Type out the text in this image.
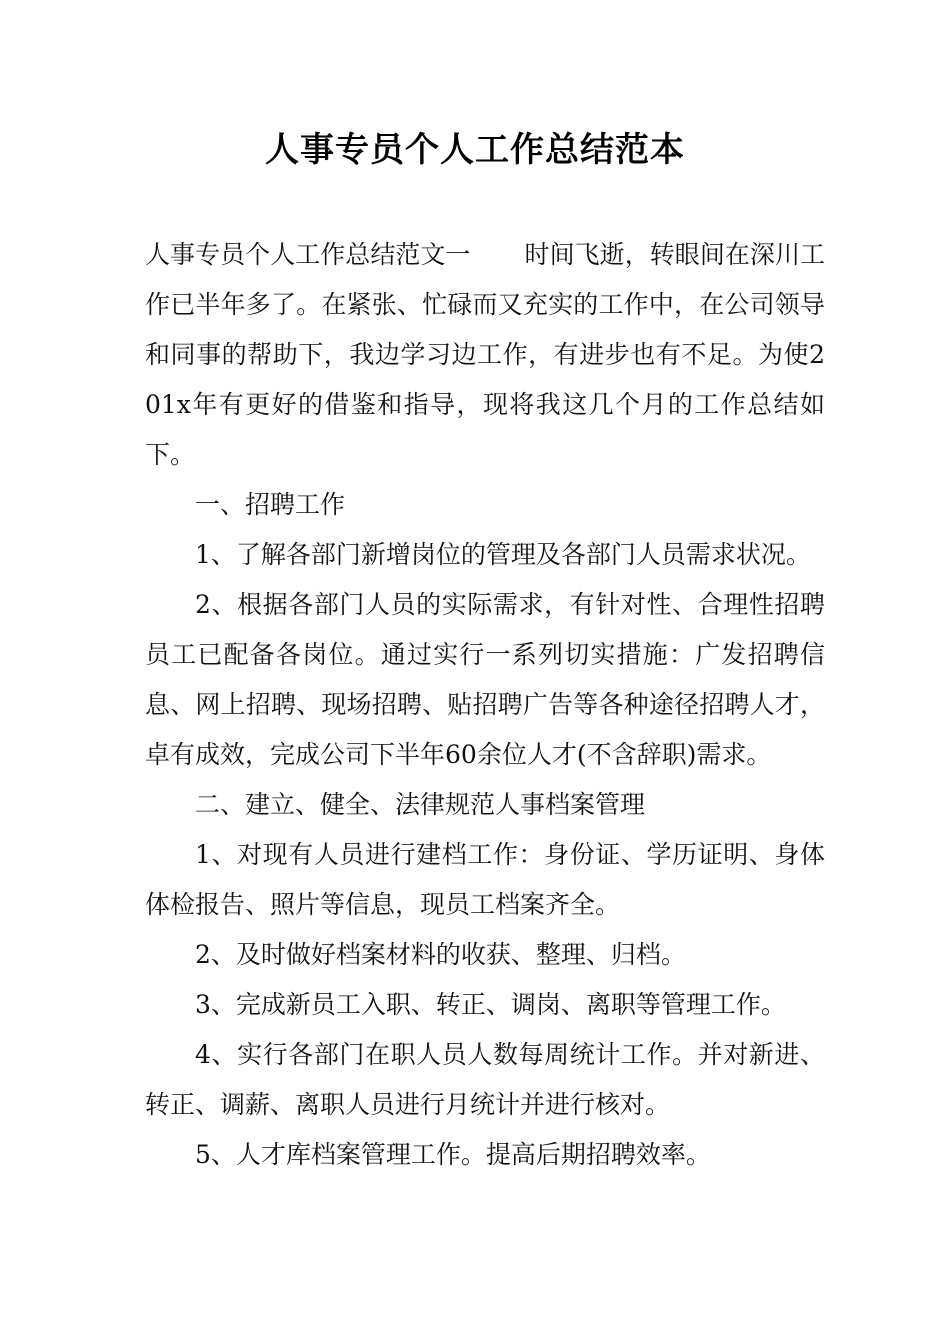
人事专员个人工作总结范本

人事专员个人工作总结范文一 时间飞逝，转眼间在深川工作已半年多了。在紧张、忙碌而又充实的工作中，在公司领导和同事的帮助下，我边学习边工作，有进步也有不足。为使201x年有更好的借鉴和指导，现将我这几个月的工作总结如下。

一、招聘工作

1、了解各部门新增岗位的管理及各部门人员需求状况。

2、根据各部门人员的实际需求，有针对性、合理性招聘员工已配备各岗位。通过实行一系列切实措施：广发招聘信息、网上招聘、现场招聘、贴招聘广告等各种途径招聘人才，卓有成效，完成公司下半年60余位人才(不含辞职)需求。

二、建立、健全、法律规范人事档案管理

1、对现有人员进行建档工作：身份证、学历证明、身体体检报告、照片等信息，现员工档案齐全。

2、及时做好档案材料的收获、整理、归档。

3、完成新员工入职、转正、调岗、离职等管理工作。

4、实行各部门在职人员人数每周统计工作。并对新进、转正、调薪、离职人员进行月统计并进行核对。

5、人才库档案管理工作。提高后期招聘效率。
